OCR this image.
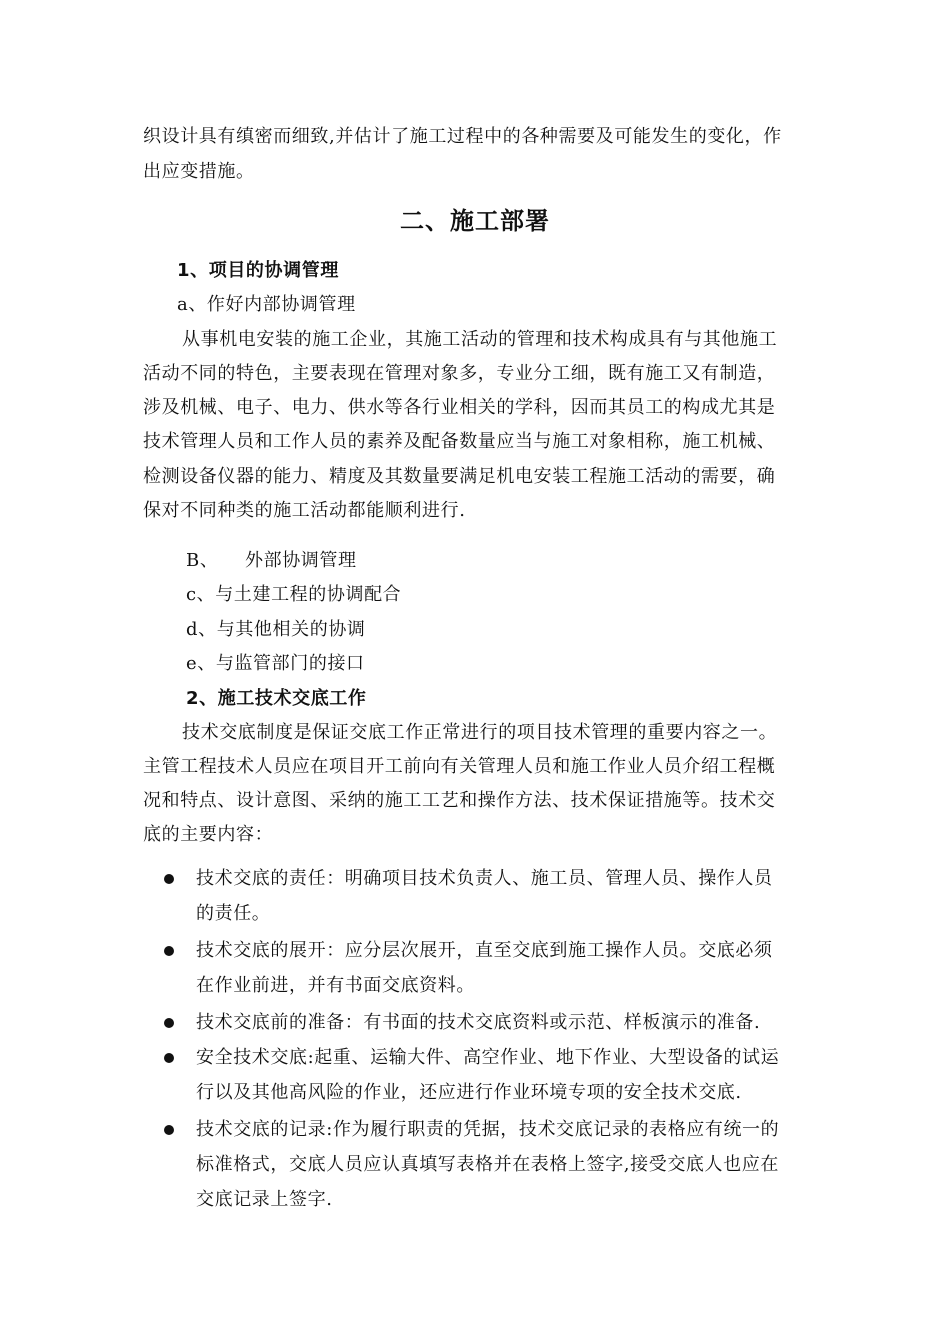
织设计具有缜密而细致,并估计了施工过程中的各种需要及可能发生的变化，作
出应变措施。
二、施工部署
1、项目的协调管理
a、作好内部协调管理
从事机电安装的施工企业，其施工活动的管理和技术构成具有与其他施工
活动不同的特色，主要表现在管理对象多，专业分工细，既有施工又有制造，
涉及机械、电子、电力、供水等各行业相关的学科，因而其员工的构成尤其是
技术管理人员和工作人员的素养及配备数量应当与施工对象相称，施工机械、
检测设备仪器的能力、精度及其数量要满足机电安装工程施工活动的需要，确
保对不同种类的施工活动都能顺利进行.
B、 外部协调管理
c、与土建工程的协调配合
d、与其他相关的协调
e、与监管部门的接口
2、施工技术交底工作
技术交底制度是保证交底工作正常进行的项目技术管理的重要内容之一。
主管工程技术人员应在项目开工前向有关管理人员和施工作业人员介绍工程概
况和特点、设计意图、采纳的施工工艺和操作方法、技术保证措施等。技术交
底的主要内容：
技术交底的责任：明确项目技术负责人、施工员、管理人员、操作人员
的责任。
技术交底的展开：应分层次展开，直至交底到施工操作人员。交底必须
在作业前进，并有书面交底资料。
技术交底前的准备：有书面的技术交底资料或示范、样板演示的准备.
安全技术交底:起重、运输大件、高空作业、地下作业、大型设备的试运
行以及其他高风险的作业，还应进行作业环境专项的安全技术交底.
技术交底的记录:作为履行职责的凭据，技术交底记录的表格应有统一的
标准格式，交底人员应认真填写表格并在表格上签字,接受交底人也应在
交底记录上签字.
